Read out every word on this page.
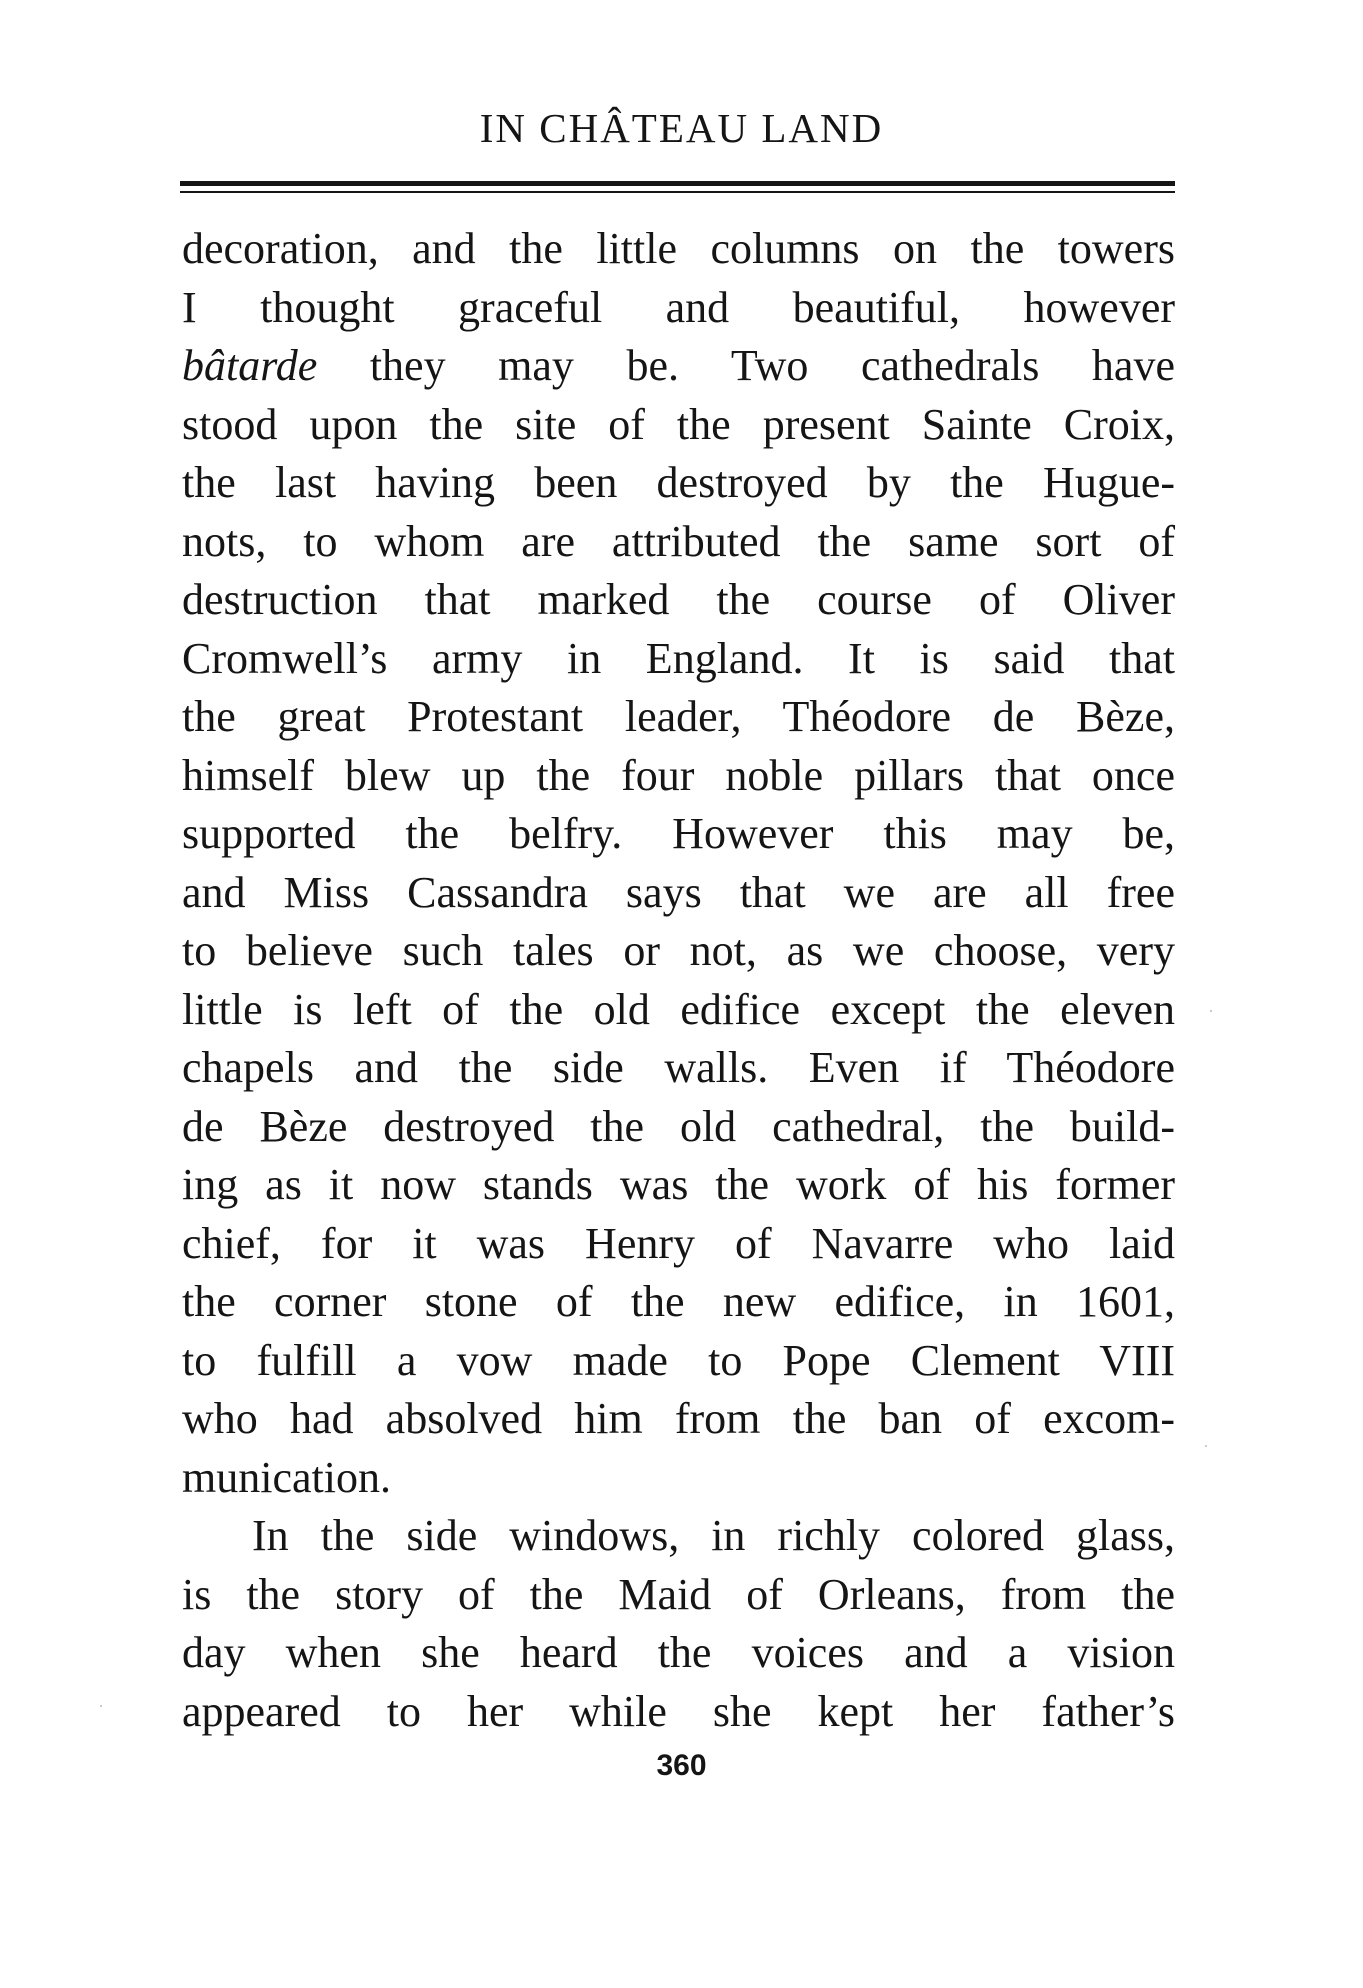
IN CHÂTEAU LAND
decoration, and the little columns on the towers
I thought graceful and beautiful, however
bâtarde they may be. Two cathedrals have
stood upon the site of the present Sainte Croix,
the last having been destroyed by the Hugue-
nots, to whom are attributed the same sort of
destruction that marked the course of Oliver
Cromwell’s army in England. It is said that
the great Protestant leader, Théodore de Bèze,
himself blew up the four noble pillars that once
supported the belfry. However this may be,
and Miss Cassandra says that we are all free
to believe such tales or not, as we choose, very
little is left of the old edifice except the eleven
chapels and the side walls. Even if Théodore
de Bèze destroyed the old cathedral, the build-
ing as it now stands was the work of his former
chief, for it was Henry of Navarre who laid
the corner stone of the new edifice, in 1601,
to fulfill a vow made to Pope Clement VIII
who had absolved him from the ban of excom-
munication.
In the side windows, in richly colored glass,
is the story of the Maid of Orleans, from the
day when she heard the voices and a vision
appeared to her while she kept her father’s
360
